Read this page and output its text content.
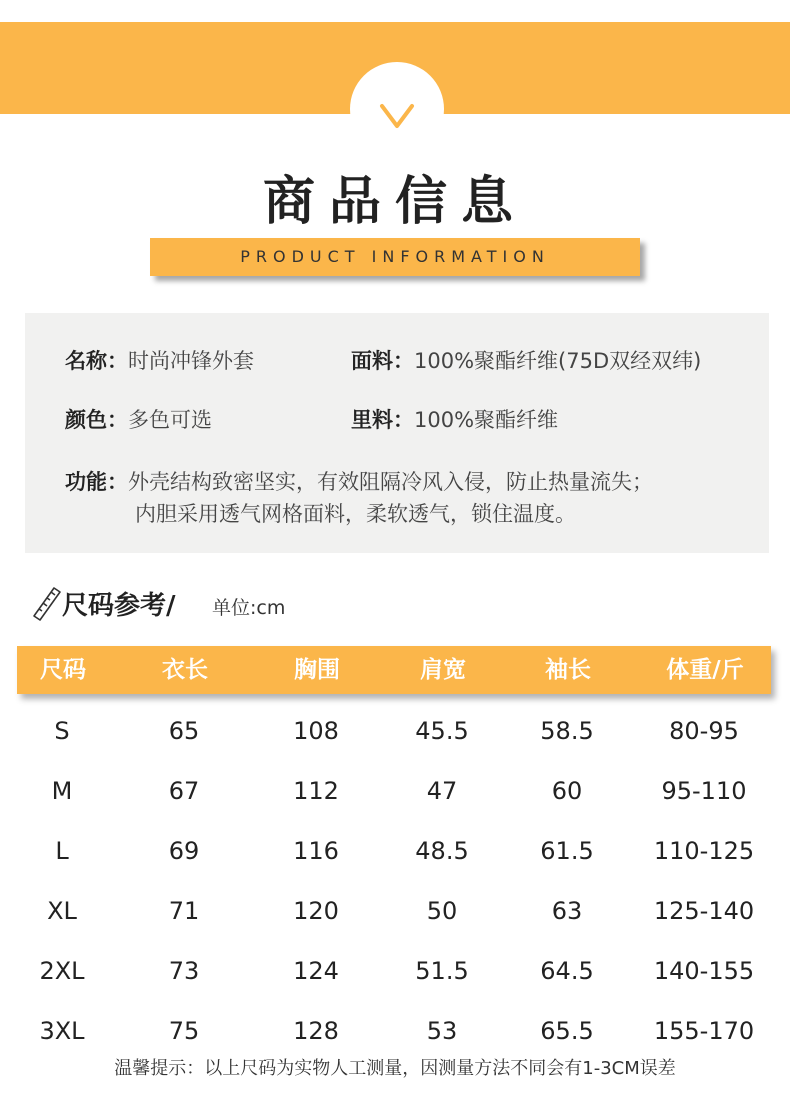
商品信息
PRODUCT INFORMATION
名称：时尚冲锋外套	面料：100%聚酯纤维(75D双经双纬)
颜色：多色可选	里料：100%聚酯纤维
功能：外壳结构致密坚实，有效阻隔冷风入侵，防止热量流失；
内胆采用透气网格面料，柔软透气，锁住温度。
尺码参考/ 单位:cm
尺码	衣长	胸围	肩宽	袖长	体重/斤
S	65	108	45.5	58.5	80-95
M	67	112	47	60	95-110
L	69	116	48.5	61.5	110-125
XL	71	120	50	63	125-140
2XL	73	124	51.5	64.5	140-155
3XL	75	128	53	65.5	155-170
温馨提示：以上尺码为实物人工测量，因测量方法不同会有1-3CM误差
